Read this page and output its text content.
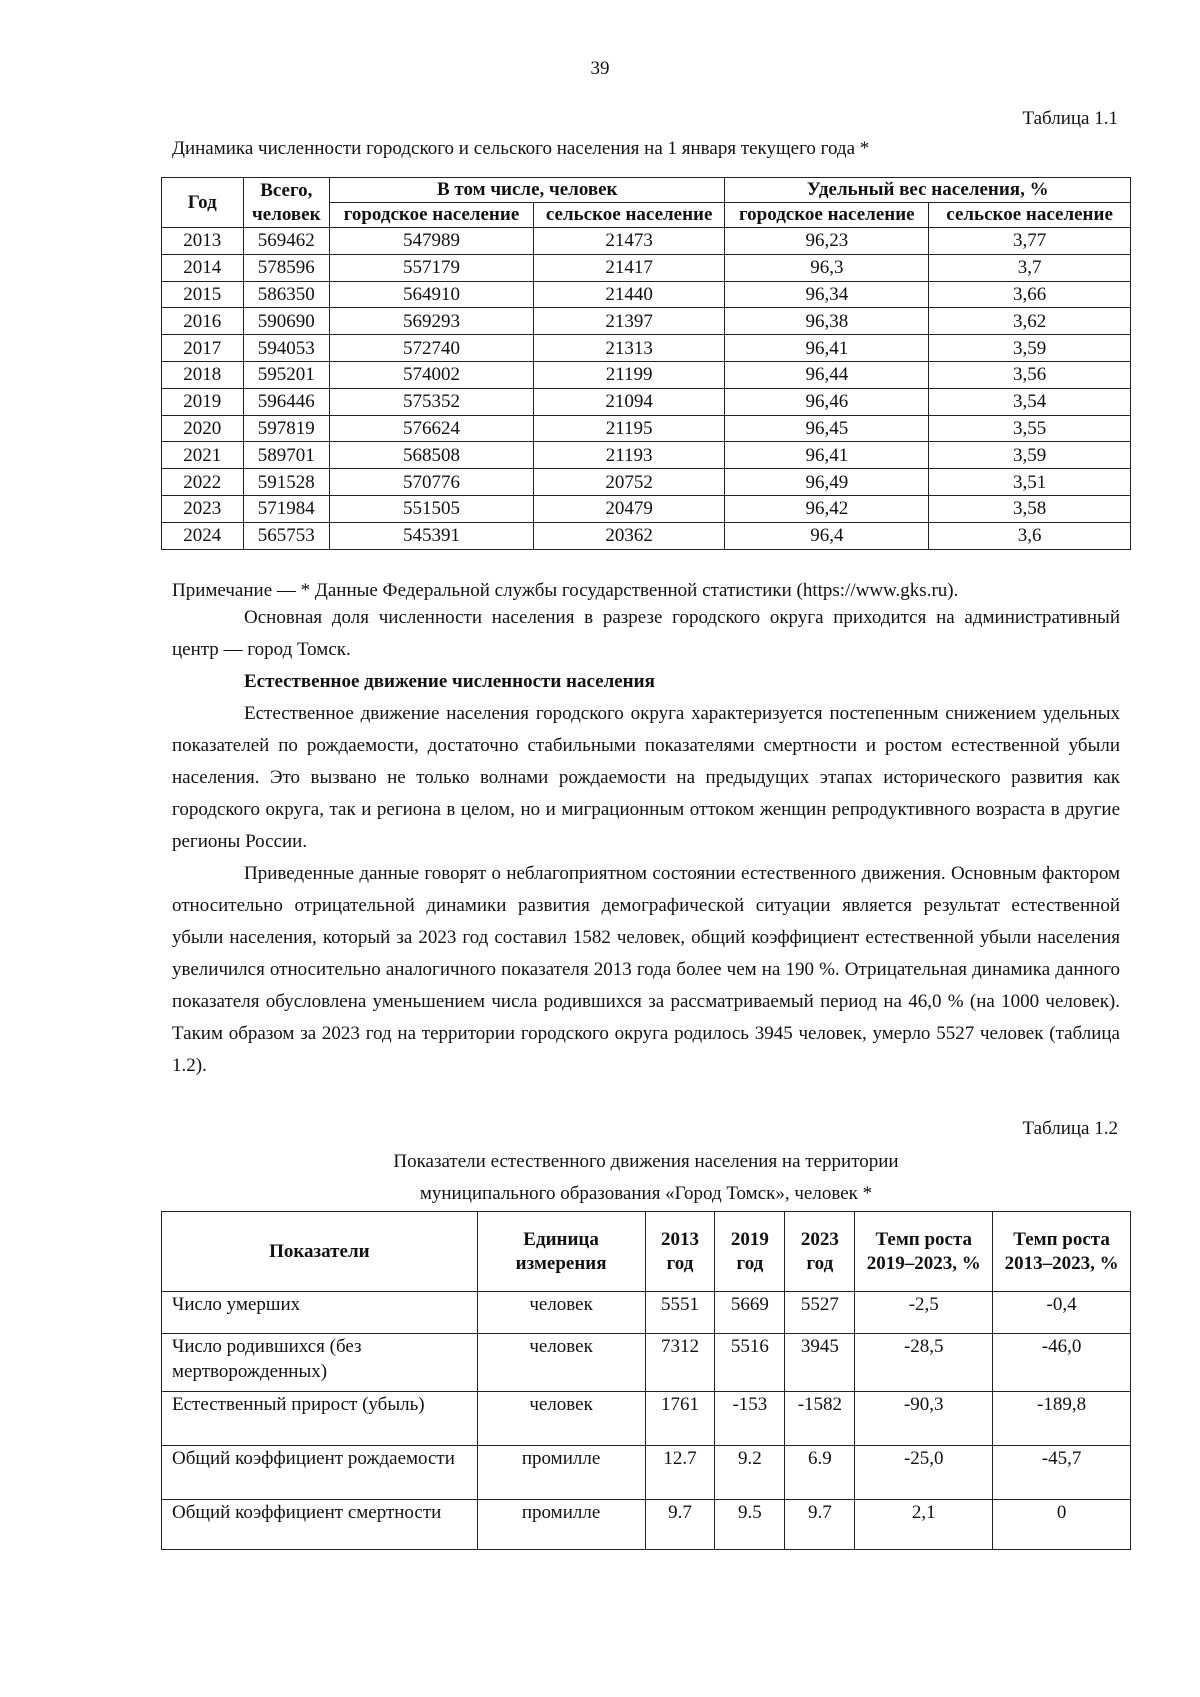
39
Таблица 1.1
Динамика численности городского и сельского населения на 1 января текущего года *
Год	Всего, человек	В том числе, человек		Удельный вес населения, %	
		городское население	сельское население	городское население	сельское население
2013	569462	547989	21473	96,23	3,77
2014	578596	557179	21417	96,3	3,7
2015	586350	564910	21440	96,34	3,66
2016	590690	569293	21397	96,38	3,62
2017	594053	572740	21313	96,41	3,59
2018	595201	574002	21199	96,44	3,56
2019	596446	575352	21094	96,46	3,54
2020	597819	576624	21195	96,45	3,55
2021	589701	568508	21193	96,41	3,59
2022	591528	570776	20752	96,49	3,51
2023	571984	551505	20479	96,42	3,58
2024	565753	545391	20362	96,4	3,6
Примечание — * Данные Федеральной службы государственной статистики (https://www.gks.ru).
Основная доля численности населения в разрезе городского округа приходится на административный центр — город Томск.
Естественное движение численности населения
Естественное движение населения городского округа характеризуется постепенным снижением удельных показателей по рождаемости, достаточно стабильными показателями смертности и ростом естественной убыли населения. Это вызвано не только волнами рождаемости на предыдущих этапах исторического развития как городского округа, так и региона в целом, но и миграционным оттоком женщин репродуктивного возраста в другие регионы России.
Приведенные данные говорят о неблагоприятном состоянии естественного движения. Основным фактором относительно отрицательной динамики развития демографической ситуации является результат естественной убыли населения, который за 2023 год составил 1582 человек, общий коэффициент естественной убыли населения увеличился относительно аналогичного показателя 2013 года более чем на 190 %. Отрицательная динамика данного показателя обусловлена уменьшением числа родившихся за рассматриваемый период на 46,0 % (на 1000 человек). Таким образом за 2023 год на территории городского округа родилось 3945 человек, умерло 5527 человек (таблица 1.2).
Таблица 1.2
Показатели естественного движения населения на территории
муниципального образования «Город Томск», человек *
Показатели	Единица измерения	2013 год	2019 год	2023 год	Темп роста 2019–2023, %	Темп роста 2013–2023, %
Число умерших	человек	5551	5669	5527	-2,5	-0,4
Число родившихся (без мертворожденных)	человек	7312	5516	3945	-28,5	-46,0
Естественный прирост (убыль)	человек	1761	-153	-1582	-90,3	-189,8
Общий коэффициент рождаемости	промилле	12.7	9.2	6.9	-25,0	-45,7
Общий коэффициент смертности	промилле	9.7	9.5	9.7	2,1	0
